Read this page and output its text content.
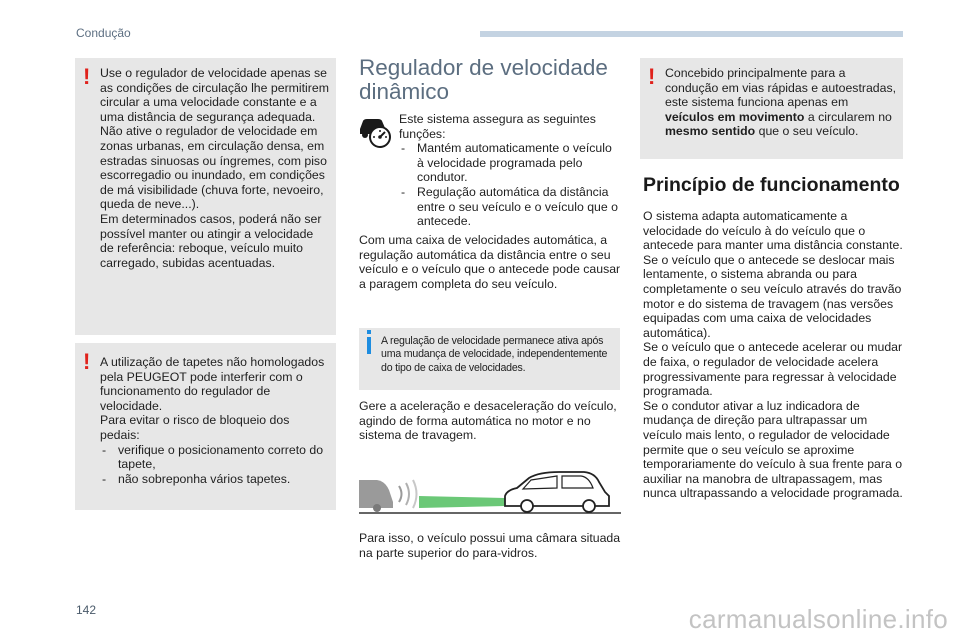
Condução
! Use o regulador de velocidade apenas se as condições de circulação lhe permitirem circular a uma velocidade constante e a uma distância de segurança adequada.

Não ative o regulador de velocidade em zonas urbanas, em circulação densa, em estradas sinuosas ou íngremes, com piso escorregadio ou inundado, em condições de má visibilidade (chuva forte, nevoeiro, queda de neve...).

Em determinados casos, poderá não ser possível manter ou atingir a velocidade de referência: reboque, veículo muito carregado, subidas acentuadas.

! A utilização de tapetes não homologados pela PEUGEOT pode interferir com o funcionamento do regulador de velocidade.

Para evitar o risco de bloqueio dos pedais:

- verifique o posicionamento correto do tapete,
- não sobreponha vários tapetes.
Regulador de velocidade dinâmico

Este sistema assegura as seguintes funções:

- Mantém automaticamente o veículo à velocidade programada pelo condutor.
- Regulação automática da distância entre o seu veículo e o veículo que o antecede.

Com uma caixa de velocidades automática, a regulação automática da distância entre o seu veículo e o veículo que o antecede pode causar a paragem completa do seu veículo.

A regulação de velocidade permanece ativa após uma mudança de velocidade, independentemente do tipo de caixa de velocidades.

Gere a aceleração e desaceleração do veículo, agindo de forma automática no motor e no sistema de travagem.

Para isso, o veículo possui uma câmara situada na parte superior do para-vidros.

! Concebido principalmente para a condução em vias rápidas e autoestradas, este sistema funciona apenas em veículos em movimento a circularem no mesmo sentido que o seu veículo.

Princípio de funcionamento

O sistema adapta automaticamente a velocidade do veículo à do veículo que o antecede para manter uma distância constante.

Se o veículo que o antecede se deslocar mais lentamente, o sistema abranda ou para completamente o seu veículo através do travão motor e do sistema de travagem (nas versões equipadas com uma caixa de velocidades automática).

Se o veículo que o antecede acelerar ou mudar de faixa, o regulador de velocidade acelera progressivamente para regressar à velocidade programada.

Se o condutor ativar a luz indicadora de mudança de direção para ultrapassar um veículo mais lento, o regulador de velocidade permite que o seu veículo se aproxime temporariamente do veículo à sua frente para o auxiliar na manobra de ultrapassagem, mas nunca ultrapassando a velocidade programada.

142	carmanualsonline.info
